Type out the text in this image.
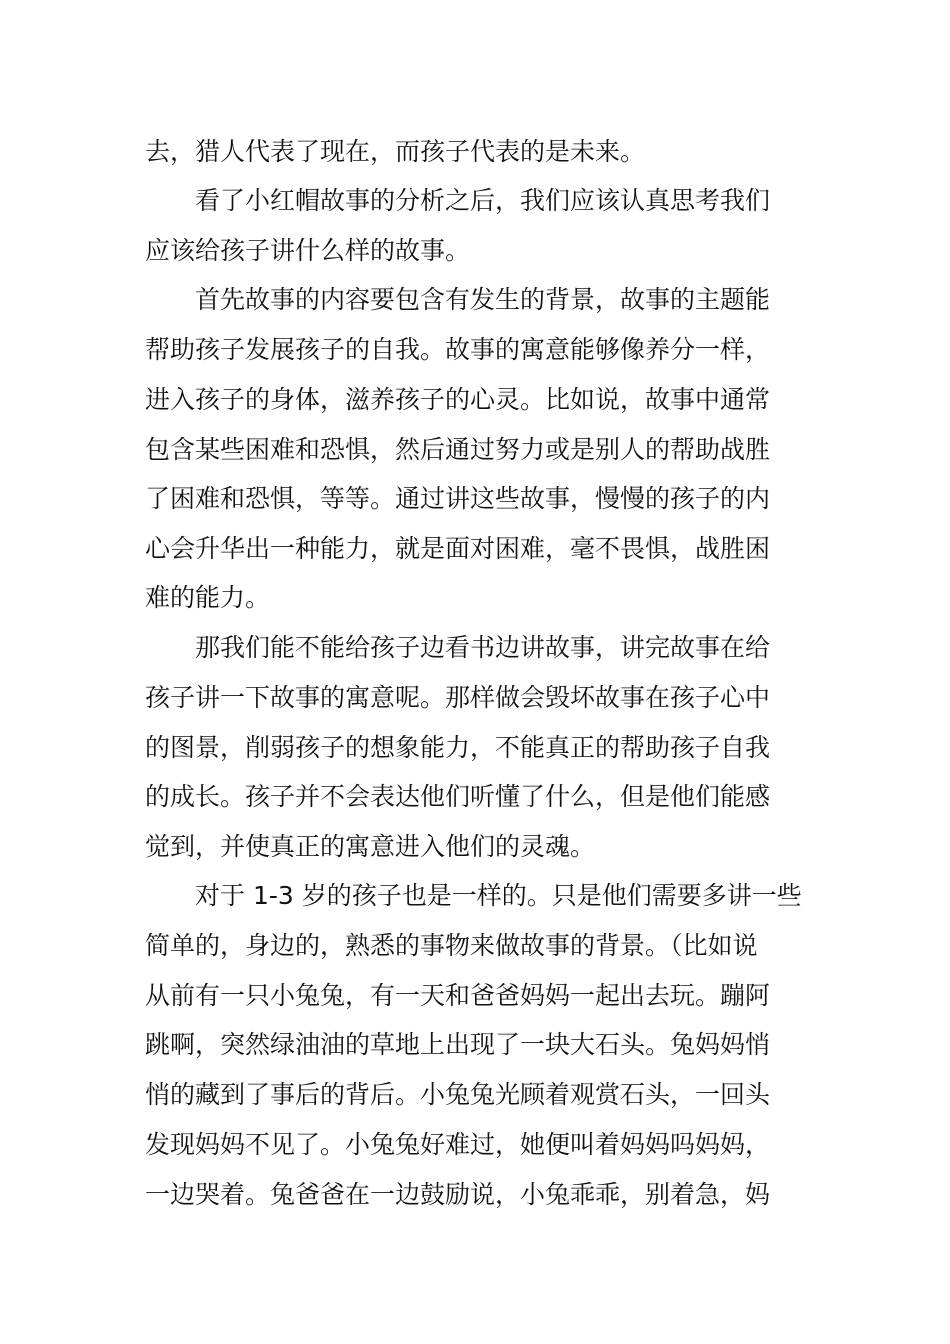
去，猎人代表了现在，而孩子代表的是未来。
看了小红帽故事的分析之后，我们应该认真思考我们
应该给孩子讲什么样的故事。
首先故事的内容要包含有发生的背景，故事的主题能
帮助孩子发展孩子的自我。故事的寓意能够像养分一样，
进入孩子的身体，滋养孩子的心灵。比如说，故事中通常
包含某些困难和恐惧，然后通过努力或是别人的帮助战胜
了困难和恐惧，等等。通过讲这些故事，慢慢的孩子的内
心会升华出一种能力，就是面对困难，毫不畏惧，战胜困
难的能力。
那我们能不能给孩子边看书边讲故事，讲完故事在给
孩子讲一下故事的寓意呢。那样做会毁坏故事在孩子心中
的图景，削弱孩子的想象能力，不能真正的帮助孩子自我
的成长。孩子并不会表达他们听懂了什么，但是他们能感
觉到，并使真正的寓意进入他们的灵魂。
对于 1-3 岁的孩子也是一样的。只是他们需要多讲一些
简单的，身边的，熟悉的事物来做故事的背景。（比如说
从前有一只小兔兔，有一天和爸爸妈妈一起出去玩。蹦阿
跳啊，突然绿油油的草地上出现了一块大石头。兔妈妈悄
悄的藏到了事后的背后。小兔兔光顾着观赏石头，一回头
发现妈妈不见了。小兔兔好难过，她便叫着妈妈吗妈妈，
一边哭着。兔爸爸在一边鼓励说，小兔乖乖，别着急，妈
